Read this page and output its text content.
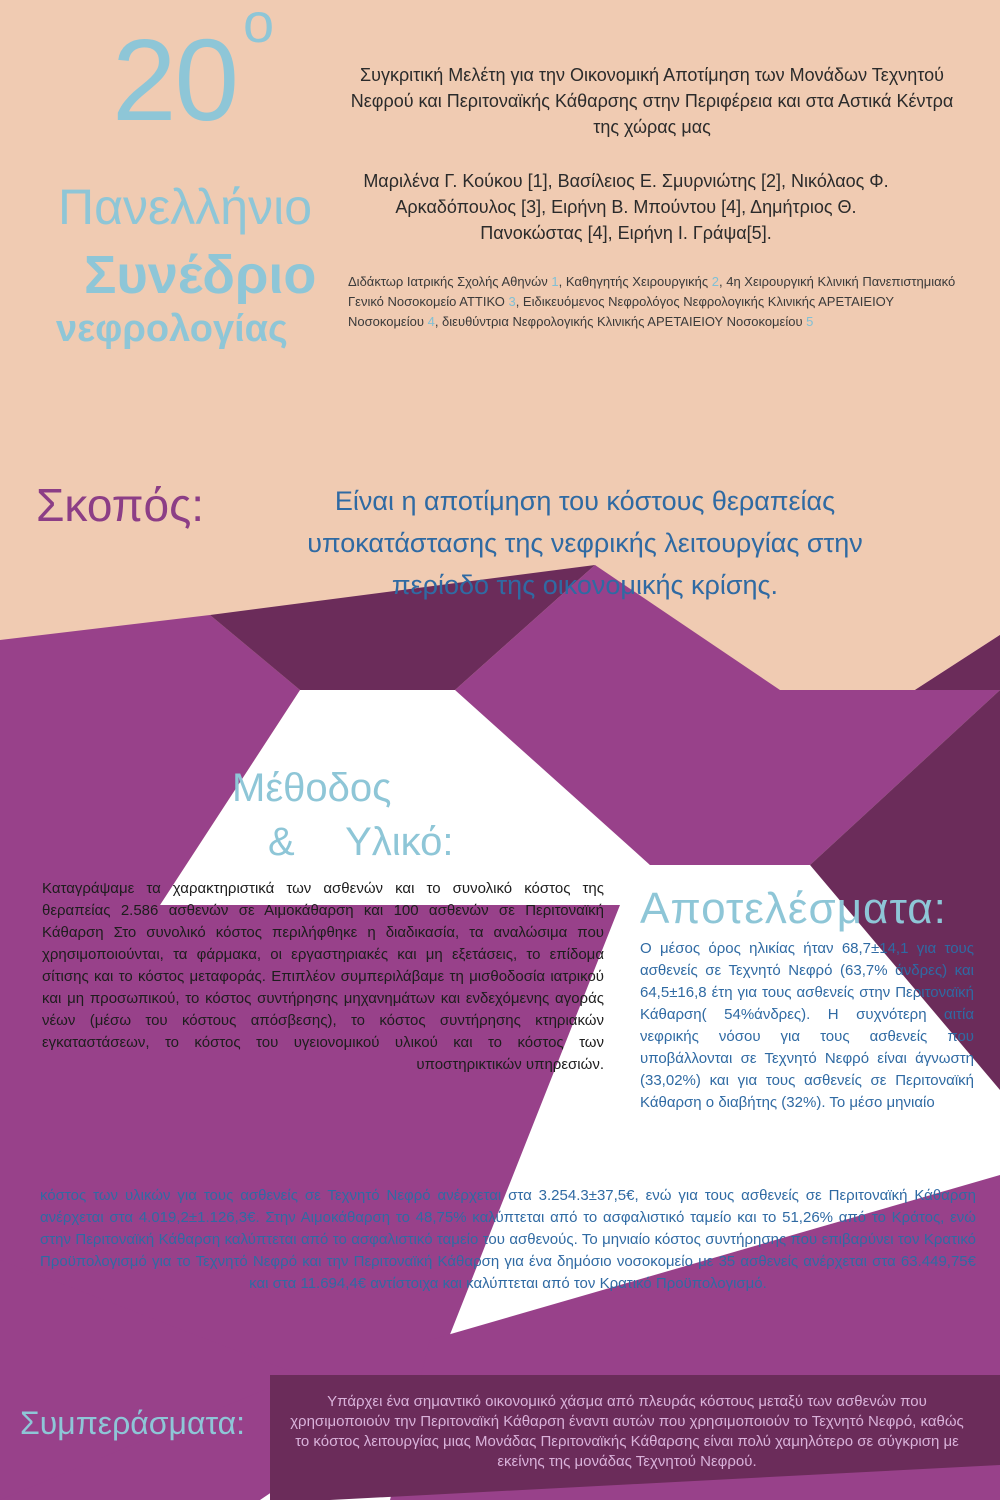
20 $^o$
Πανελλήνιο
Συνέδριο
νεφρολογίας
Συγκριτική Μελέτη για την Οικονομική Αποτίμηση των Μονάδων Τεχνητού Νεφρού και Περιτοναϊκής Κάθαρσης στην Περιφέρεια και στα Αστικά Κέντρα της χώρας μας
Μαριλένα Γ. Κούκου [1], Βασίλειος Ε. Σμυρνιώτης [2], Νικόλαος Φ. Αρκαδόπουλος [3], Ειρήνη Β. Μπούντου [4], Δημήτριος Θ. Πανοκώστας [4], Ειρήνη Ι. Γράψα[5].
Διδάκτωρ Ιατρικής Σχολής Αθηνών 1, Καθηγητής Χειρουργικής 2, 4η Χειρουργική Κλινική Πανεπιστημιακό Γενικό Νοσοκομείο ΑΤΤΙΚΟ 3, Ειδικευόμενος Νεφρολόγος Νεφρολογικής Κλινικής ΑΡΕΤΑΙΕΙΟΥ Νοσοκομείου 4, διευθύντρια Νεφρολογικής Κλινικής ΑΡΕΤΑΙΕΙΟΥ Νοσοκομείου 5
Σκοπός:	Είναι η αποτίμηση του κόστους θεραπείας υποκατάστασης της νεφρικής λειτουργίας στην περίοδο της οικονομικής κρίσης.
Μέθοδος
& Υλικό:
Καταγράψαμε τα χαρακτηριστικά των ασθενών και το συνολικό κόστος της θεραπείας 2.586 ασθενών σε Αιμοκάθαρση και 100 ασθενών σε Περιτοναϊκή Κάθαρση Στο συνολικό κόστος περιλήφθηκε η διαδικασία, τα αναλώσιμα που χρησιμοποιούνται, τα φάρμακα, οι εργαστηριακές και μη εξετάσεις, το επίδομα σίτισης και το κόστος μεταφοράς. Επιπλέον συμπεριλάβαμε τη μισθοδοσία ιατρικού και μη προσωπικού, το κόστος συντήρησης μηχανημάτων και ενδεχόμενης αγοράς νέων (μέσω του κόστους απόσβεσης), το κόστος συντήρησης κτηριακών εγκαταστάσεων, το κόστος του υγειονομικού υλικού και το κόστος των υποστηρικτικών υπηρεσιών.
Αποτελέσματα:
Ο μέσος όρος ηλικίας ήταν 68,7±14,1 για τους ασθενείς σε Τεχνητό Νεφρό (63,7% άνδρες) και 64,5±16,8 έτη για τους ασθενείς στην Περιτοναϊκή Κάθαρση( 54%άνδρες). Η συχνότερη αιτία νεφρικής νόσου για τους ασθενείς που υποβάλλονται σε Τεχνητό Νεφρό είναι άγνωστη (33,02%) και για τους ασθενείς σε Περιτοναϊκή Κάθαρση ο διαβήτης (32%). Το μέσο μηνιαίο
κόστος των υλικών για τους ασθενείς σε Τεχνητό Νεφρό ανέρχεται στα 3.254.3±37,5€, ενώ για τους ασθενείς σε Περιτοναϊκή Κάθαρση ανέρχεται στα 4.019,2±1.126,3€. Στην Αιμοκάθαρση το 48,75% καλύπτεται από το ασφαλιστικό ταμείο και το 51,26% από το Κράτος, ενώ στην Περιτοναϊκή Κάθαρση καλύπτεται από το ασφαλιστικό ταμείο του ασθενούς. Το μηνιαίο κόστος συντήρησης που επιβαρύνει τον Κρατικό Προϋπολογισμό για το Τεχνητό Νεφρό και την Περιτοναϊκή Κάθαρση για ένα δημόσιο νοσοκομείο με 35 ασθενείς ανέρχεται στα 63.449,75€ και στα 11.694,4€ αντίστοιχα και καλύπτεται από τον Κρατικό Προϋπολογισμό.
Συμπεράσματα:
Υπάρχει ένα σημαντικό οικονομικό χάσμα από πλευράς κόστους μεταξύ των ασθενών που χρησιμοποιούν την Περιτοναϊκή Κάθαρση έναντι αυτών που χρησιμοποιούν το Τεχνητό Νεφρό, καθώς το κόστος λειτουργίας μιας Μονάδας Περιτοναϊκής Κάθαρσης είναι πολύ χαμηλότερο σε σύγκριση με εκείνης της μονάδας Τεχνητού Νεφρού.
